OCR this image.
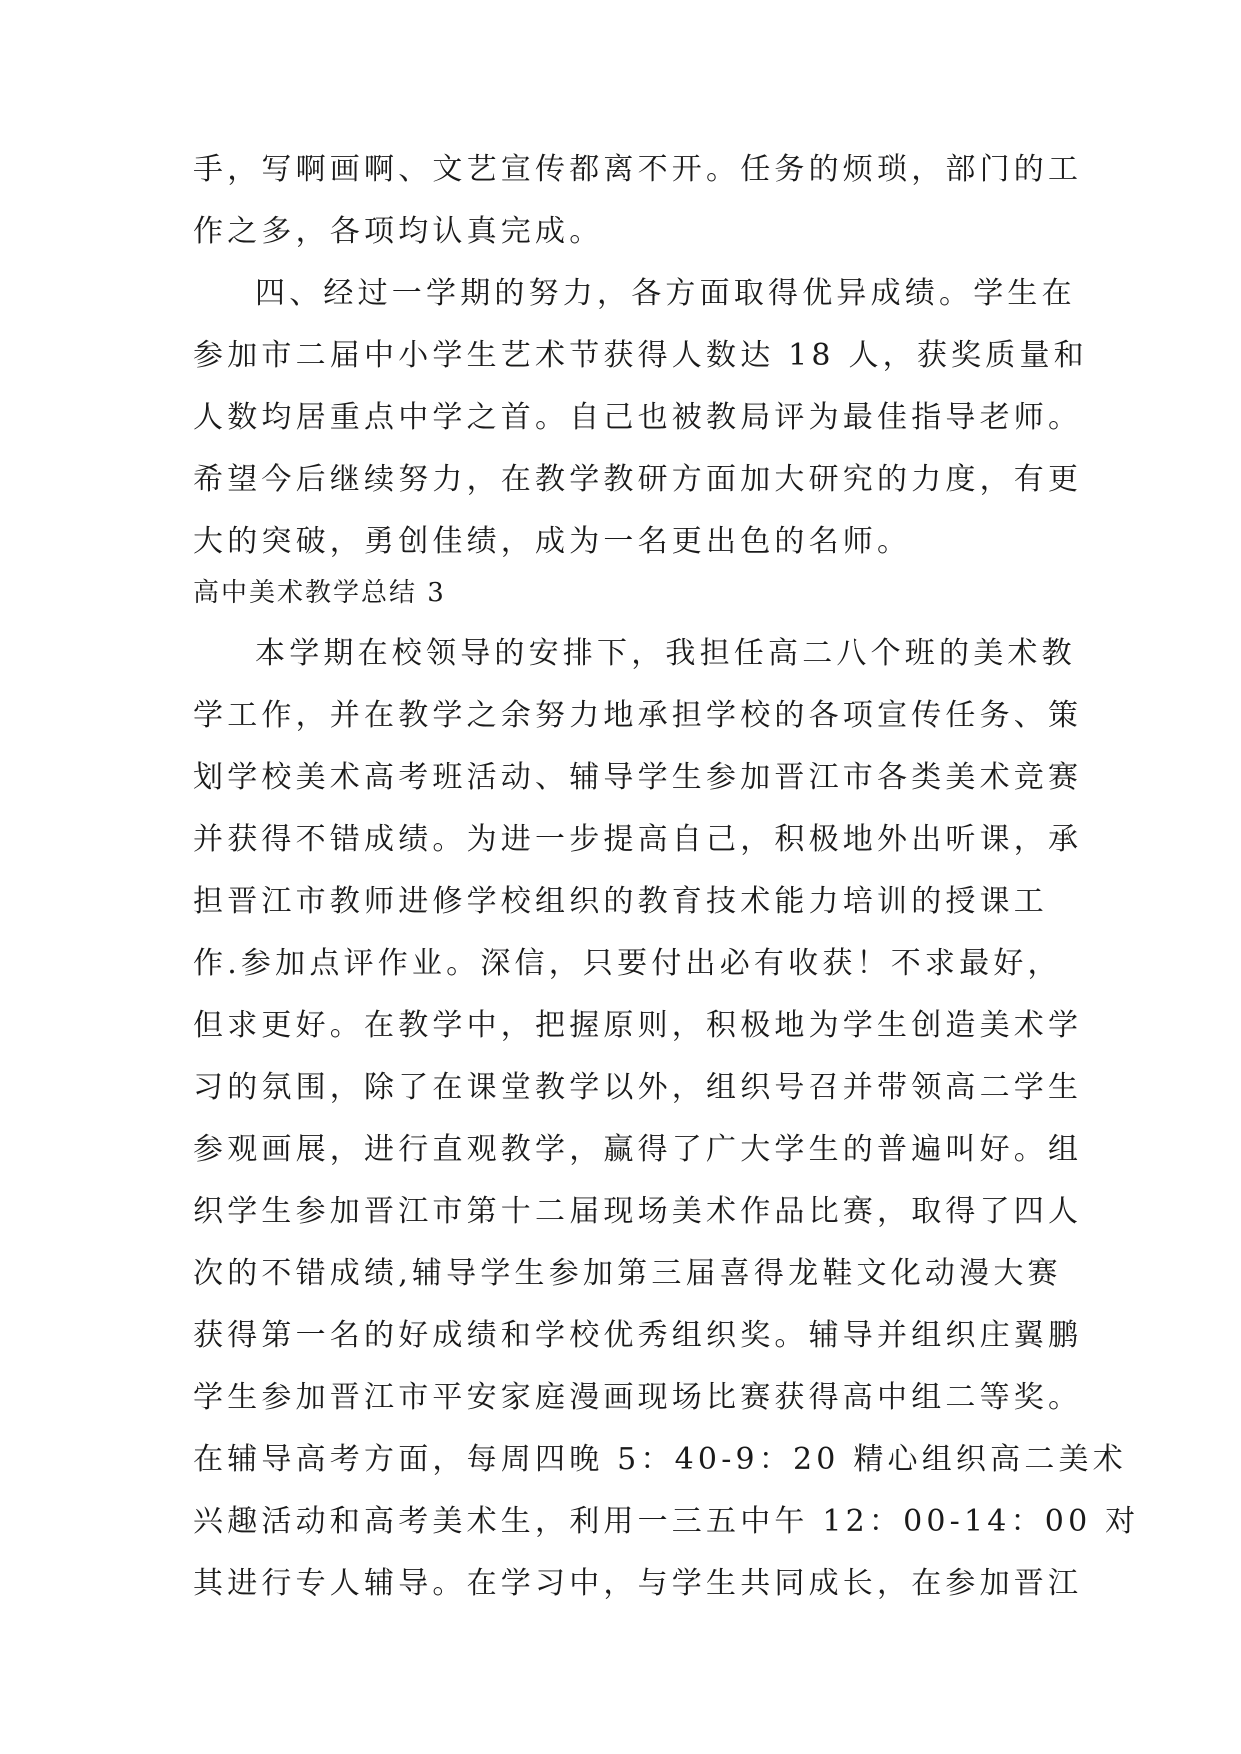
手，写啊画啊、文艺宣传都离不开。任务的烦琐，部门的工
作之多，各项均认真完成。
四、经过一学期的努力，各方面取得优异成绩。学生在
参加市二届中小学生艺术节获得人数达 18 人，获奖质量和
人数均居重点中学之首。自己也被教局评为最佳指导老师。
希望今后继续努力，在教学教研方面加大研究的力度，有更
大的突破，勇创佳绩，成为一名更出色的名师。
高中美术教学总结 3
本学期在校领导的安排下，我担任高二八个班的美术教
学工作，并在教学之余努力地承担学校的各项宣传任务、策
划学校美术高考班活动、辅导学生参加晋江市各类美术竞赛
并获得不错成绩。为进一步提高自己，积极地外出听课，承
担晋江市教师进修学校组织的教育技术能力培训的授课工
作.参加点评作业。深信，只要付出必有收获！不求最好，
但求更好。在教学中，把握原则，积极地为学生创造美术学
习的氛围，除了在课堂教学以外，组织号召并带领高二学生
参观画展，进行直观教学，赢得了广大学生的普遍叫好。组
织学生参加晋江市第十二届现场美术作品比赛，取得了四人
次的不错成绩,辅导学生参加第三届喜得龙鞋文化动漫大赛
获得第一名的好成绩和学校优秀组织奖。辅导并组织庄翼鹏
学生参加晋江市平安家庭漫画现场比赛获得高中组二等奖。
在辅导高考方面，每周四晚 5：40-9：20 精心组织高二美术
兴趣活动和高考美术生，利用一三五中午 12：00-14：00 对
其进行专人辅导。在学习中，与学生共同成长，在参加晋江
